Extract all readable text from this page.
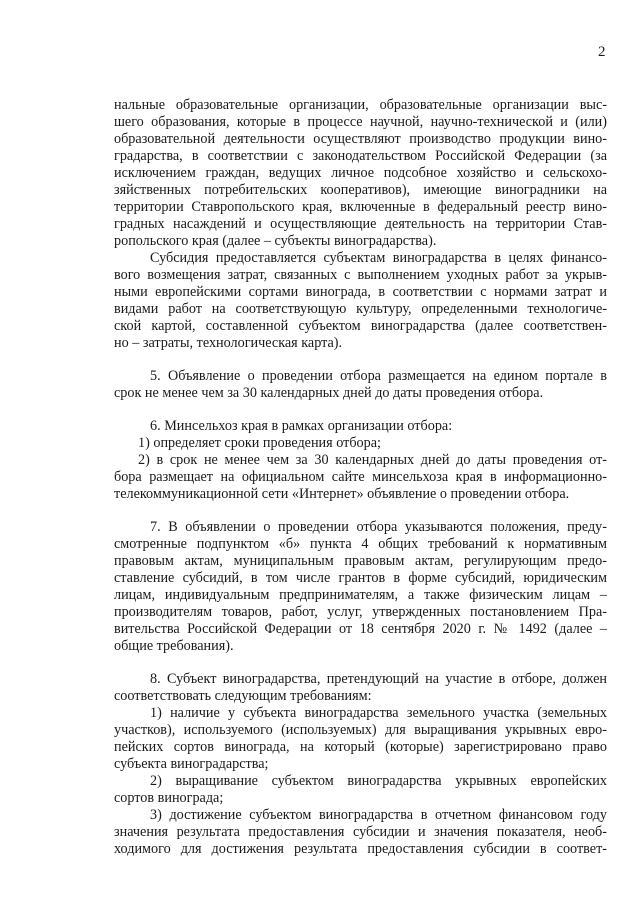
2
нальные образовательные организации, образовательные организации выс-
шего образования, которые в процессе научной, научно-технической и (или)
образовательной деятельности осуществляют производство продукции вино-
градарства, в соответствии с законодательством Российской Федерации (за
исключением граждан, ведущих личное подсобное хозяйство и сельскохо-
зяйственных потребительских кооперативов), имеющие виноградники на
территории Ставропольского края, включенные в федеральный реестр вино-
градных насаждений и осуществляющие деятельность на территории Став-
ропольского края (далее – субъекты виноградарства).
Субсидия предоставляется субъектам виноградарства в целях финансо-
вого возмещения затрат, связанных с выполнением уходных работ за укрыв-
ными европейскими сортами винограда, в соответствии с нормами затрат и
видами работ на соответствующую культуру, определенными технологиче-
ской картой, составленной субъектом виноградарства (далее соответствен-
но – затраты, технологическая карта).
5. Объявление о проведении отбора размещается на едином портале в
срок не менее чем за 30 календарных дней до даты проведения отбора.
6. Минсельхоз края в рамках организации отбора:
1) определяет сроки проведения отбора;
2) в срок не менее чем за 30 календарных дней до даты проведения от-
бора размещает на официальном сайте минсельхоза края в информационно-
телекоммуникационной сети «Интернет» объявление о проведении отбора.
7. В объявлении о проведении отбора указываются положения, преду-
смотренные подпунктом «б» пункта 4 общих требований к нормативным
правовым актам, муниципальным правовым актам, регулирующим предо-
ставление субсидий, в том числе грантов в форме субсидий, юридическим
лицам, индивидуальным предпринимателям, а также физическим лицам –
производителям товаров, работ, услуг, утвержденных постановлением Пра-
вительства Российской Федерации от 18 сентября 2020 г. № 1492 (далее –
общие требования).
8. Субъект виноградарства, претендующий на участие в отборе, должен
соответствовать следующим требованиям:
1) наличие у субъекта виноградарства земельного участка (земельных
участков), используемого (используемых) для выращивания укрывных евро-
пейских сортов винограда, на который (которые) зарегистрировано право
субъекта виноградарства;
2) выращивание субъектом виноградарства укрывных европейских
сортов винограда;
3) достижение субъектом виноградарства в отчетном финансовом году
значения результата предоставления субсидии и значения показателя, необ-
ходимого для достижения результата предоставления субсидии в соответ-
